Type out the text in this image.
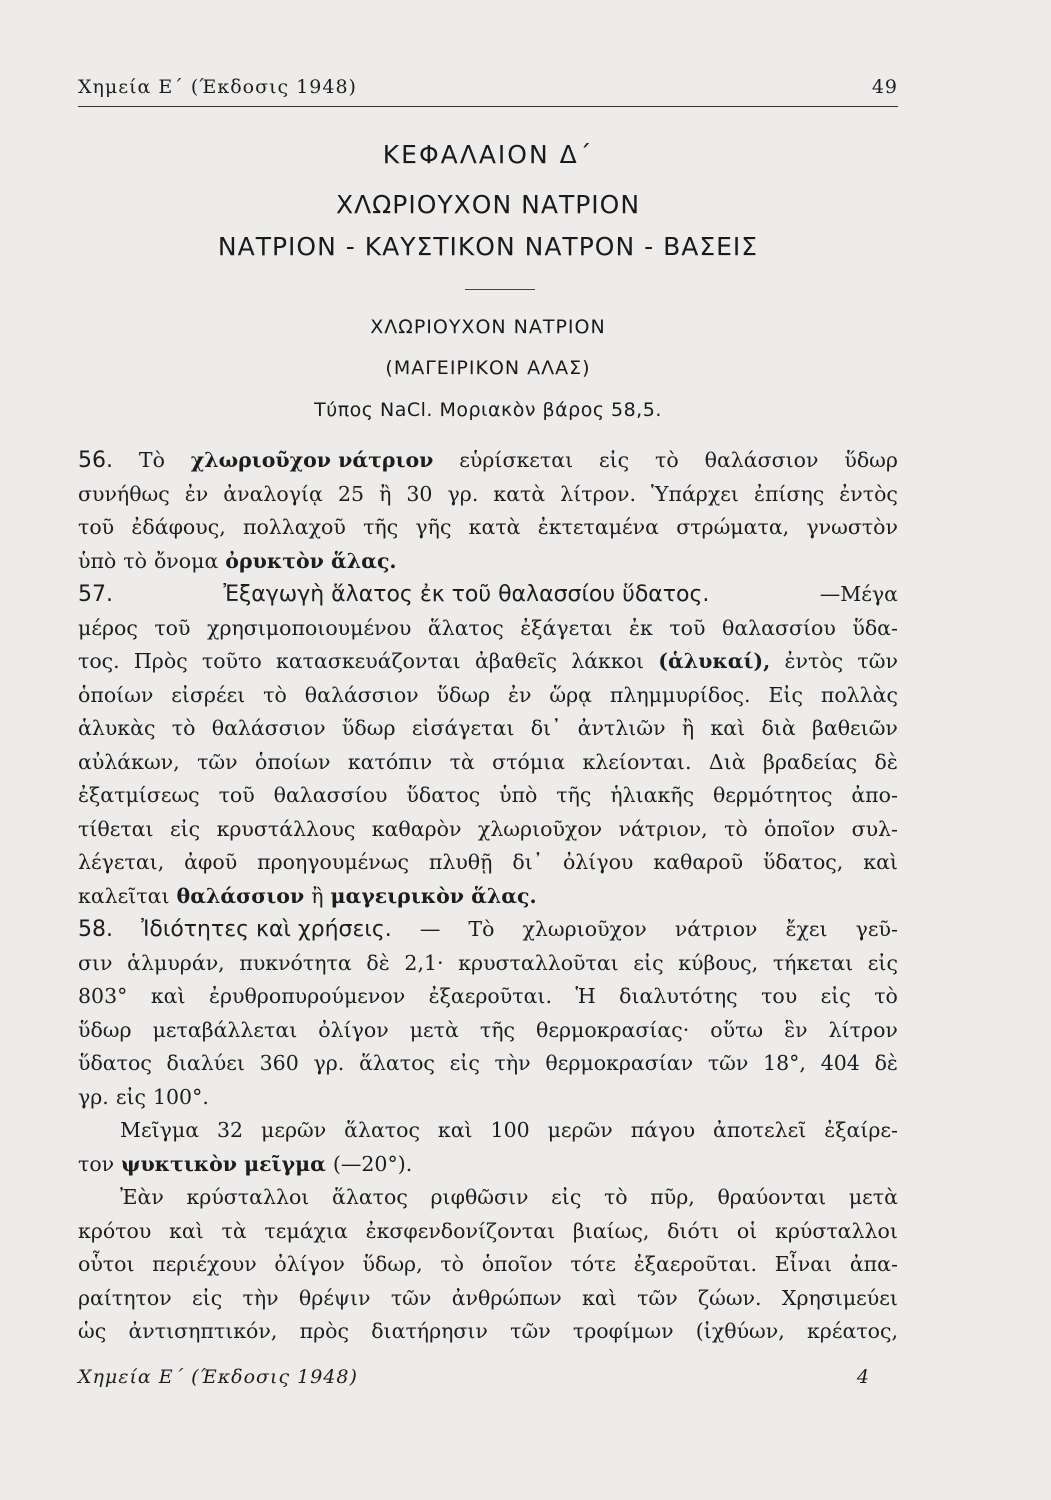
Χημεία Ε΄ (Έκδοσις 1948)	49
ΚΕΦΑΛΑΙΟΝ Δ΄
ΧΛΩΡΙΟΥΧΟΝ ΝΑΤΡΙΟΝ
ΝΑΤΡΙΟΝ - ΚΑΥΣΤΙΚΟΝ ΝΑΤΡΟΝ - ΒΑΣΕΙΣ
ΧΛΩΡΙΟΥΧΟΝ ΝΑΤΡΙΟΝ
(ΜΑΓΕΙΡΙΚΟΝ ΑΛΑΣ)
Τύπος NaCl. Μοριακὸν βάρος 58,5.
56. Τὸ χλωριοῦχον νάτριον εὑρίσκεται εἰς τὸ θαλάσσιον ὕδωρ
συνήθως ἐν ἀναλογίᾳ 25 ἢ 30 γρ. κατὰ λίτρον. Ὑπάρχει ἐπίσης ἐντὸς
τοῦ ἐδάφους, πολλαχοῦ τῆς γῆς κατὰ ἐκτεταμένα στρώματα, γνωστὸν
ὑπὸ τὸ ὄνομα ὀρυκτὸν ἅλας.
57.	Ἐξαγωγὴ ἅλατος ἐκ τοῦ θαλασσίου ὕδατος.	—Μέγα
μέρος τοῦ χρησιμοποιουμένου ἅλατος ἐξάγεται ἐκ τοῦ θαλασσίου ὕδα-
τος. Πρὸς τοῦτο κατασκευάζονται ἀβαθεῖς λάκκοι (ἁλυκαί), ἐντὸς τῶν
ὁποίων εἰσρέει τὸ θαλάσσιον ὕδωρ ἐν ὥρᾳ πλημμυρίδος. Εἰς πολλὰς
ἁλυκὰς τὸ θαλάσσιον ὕδωρ εἰσάγεται δι᾽ ἀντλιῶν ἢ καὶ διὰ βαθειῶν
αὐλάκων, τῶν ὁποίων κατόπιν τὰ στόμια κλείονται. Διὰ βραδείας δὲ
ἐξατμίσεως τοῦ θαλασσίου ὕδατος ὑπὸ τῆς ἡλιακῆς θερμότητος ἀπο-
τίθεται εἰς κρυστάλλους καθαρὸν χλωριοῦχον νάτριον, τὸ ὁποῖον συλ-
λέγεται, ἀφοῦ προηγουμένως πλυθῇ δι᾽ ὀλίγου καθαροῦ ὕδατος, καὶ
καλεῖται θαλάσσιον ἢ μαγειρικὸν ἅλας.
58. Ἰδιότητες καὶ χρήσεις. — Τὸ χλωριοῦχον νάτριον ἔχει γεῦ-
σιν ἁλμυράν, πυκνότητα δὲ 2,1· κρυσταλλοῦται εἰς κύβους, τήκεται εἰς
803° καὶ ἐρυθροπυρούμενον ἐξαεροῦται. Ἡ διαλυτότης του εἰς τὸ
ὕδωρ μεταβάλλεται ὀλίγον μετὰ τῆς θερμοκρασίας· οὕτω ἓν λίτρον
ὕδατος διαλύει 360 γρ. ἅλατος εἰς τὴν θερμοκρασίαν τῶν 18°, 404 δὲ
γρ. εἰς 100°.
Μεῖγμα 32 μερῶν ἅλατος καὶ 100 μερῶν πάγου ἀποτελεῖ ἐξαίρε-
τον ψυκτικὸν μεῖγμα (—20°).
Ἐὰν κρύσταλλοι ἅλατος ριφθῶσιν εἰς τὸ πῦρ, θραύονται μετὰ
κρότου καὶ τὰ τεμάχια ἐκσφενδονίζονται βιαίως, διότι οἱ κρύσταλλοι
οὗτοι περιέχουν ὀλίγον ὕδωρ, τὸ ὁποῖον τότε ἐξαεροῦται. Εἶναι ἀπα-
ραίτητον εἰς τὴν θρέψιν τῶν ἀνθρώπων καὶ τῶν ζώων. Χρησιμεύει
ὡς ἀντισηπτικόν, πρὸς διατήρησιν τῶν τροφίμων (ἰχθύων, κρέατος,
Χημεία Ε΄ (Έκδοσις 1948)	4
